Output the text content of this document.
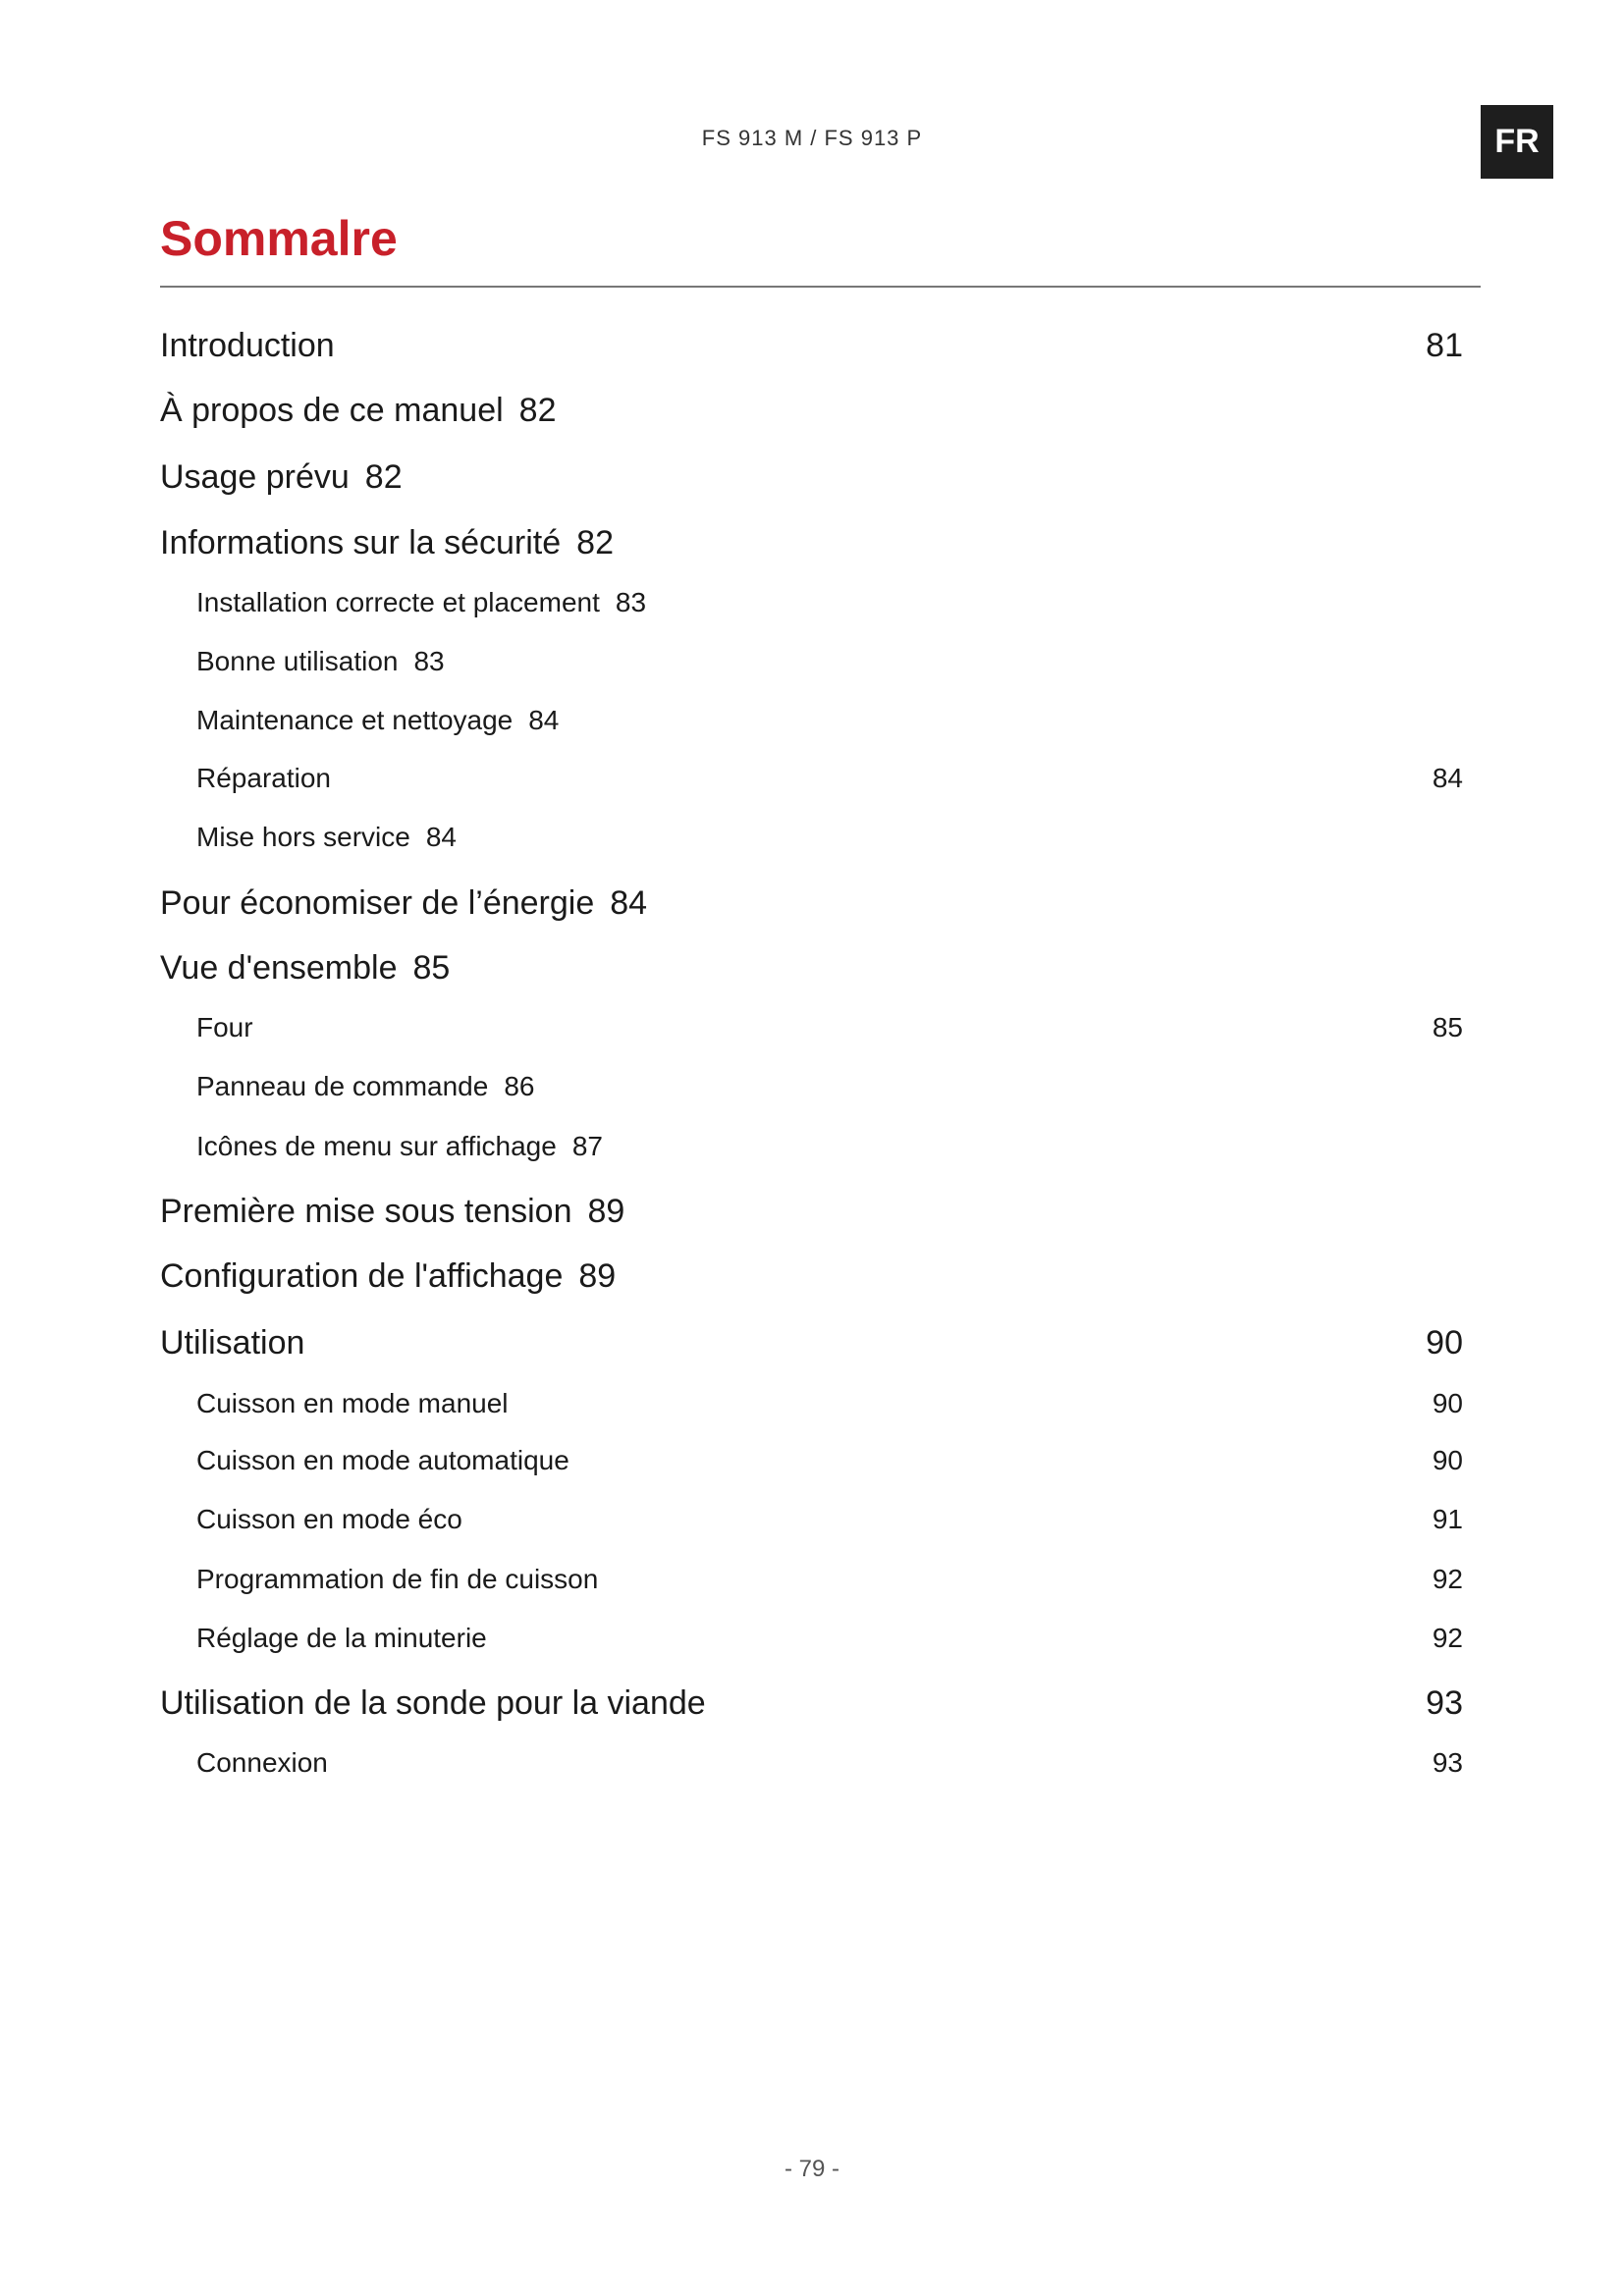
FS 913 M / FS 913 P	FR
Sommalre
Introduction	81
À propos de ce manuel 82
Usage prévu 82
Informations sur la sécurité 82
Installation correcte et placement 83
Bonne utilisation 83
Maintenance et nettoyage 84
Réparation	84
Mise hors service 84
Pour économiser de l’énergie 84
Vue d'ensemble 85
Four	85
Panneau de commande 86
Icônes de menu sur affichage 87
Première mise sous tension 89
Configuration de l'affichage 89
Utilisation	90
Cuisson en mode manuel	90
Cuisson en mode automatique	90
Cuisson en mode éco	91
Programmation de fin de cuisson	92
Réglage de la minuterie	92
Utilisation de la sonde pour la viande	93
Connexion	93
- 79 -
